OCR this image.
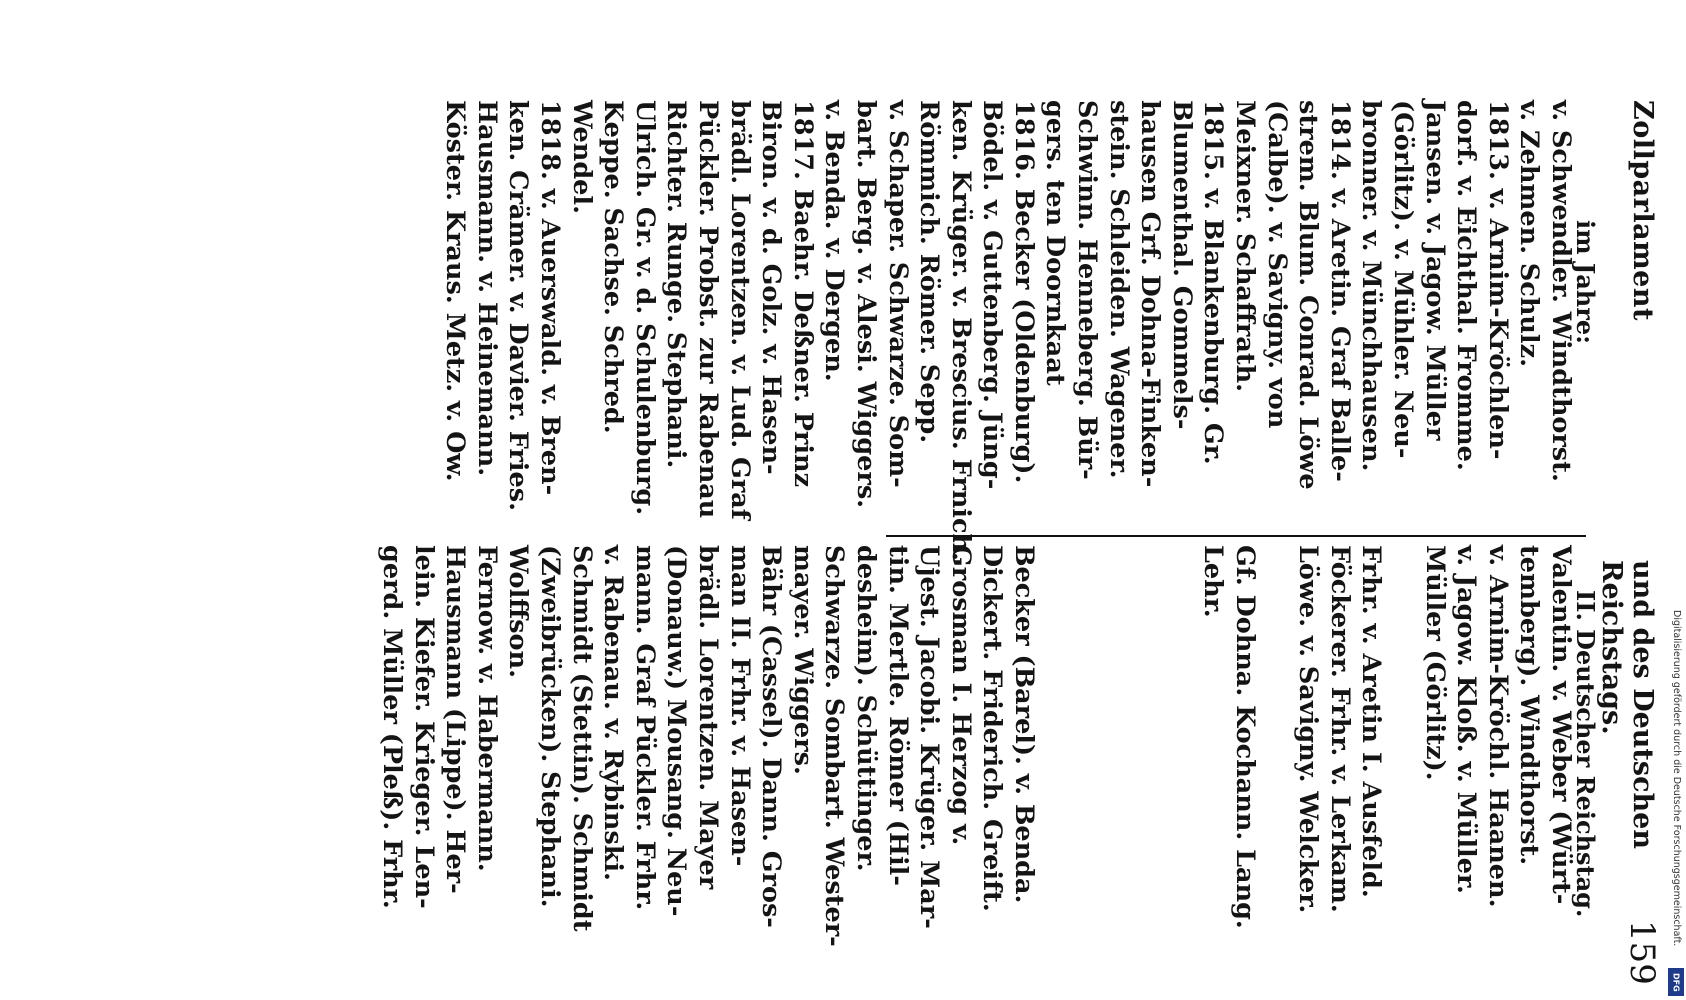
Zollparlament
und des Deutschen Reichstags.
159
im Jahre:
II. Deutscher Reichstag.
v. Schwendler. Windthorst.
v. Zehmen. Schulz.
1813. v. Arnim-Kröchlen-
dorf. v. Eichthal. Fromme.
Jansen. v. Jagow. Müller
(Görlitz). v. Mühler. Neu-
bronner. v. Münchhausen.
1814. v. Aretin. Graf Balle-
strem. Blum. Conrad. Löwe
(Calbe). v. Savigny. von
Meixner. Schaffrath.
1815. v. Blankenburg. Gr.
Blumenthal. Gommels-
hausen Grf. Dohna-Finken-
stein. Schleiden. Wagener.
Schwinn. Henneberg. Bür-
gers. ten Doornkaat
1816. Becker (Oldenburg).
Bödel. v. Guttenberg. Jüng-
ken. Krüger. v. Brescius. Frnich.
Römmich. Römer. Sepp.
v. Schaper. Schwarze. Som-
bart. Berg. v. Alesi. Wiggers.
v. Benda. v. Dergen.
1817. Baehr. Deßner. Prinz
Biron. v. d. Golz. v. Hasen-
brädl. Lorentzen. v. Lud. Graf
Pückler. Probst. zur Rabenau
Richter. Runge. Stephani.
Ulrich. Gr. v. d. Schulenburg.
Keppe. Sachse. Schred.
Wendel.
1818. v. Auerswald. v. Bren-
ken. Crämer. v. Davier. Fries.
Hausmann. v. Heinemann.
Köster. Kraus. Metz. v. Ow.
Valentin. v. Weber (Würt-
temberg). Windthorst.
v. Arnim-Kröchl. Haanen.
v. Jagow. Kloß. v. Müller.
Müller (Görlitz).
Frhr. v. Aretin I. Ausfeld.
Föckerer. Frhr. v. Lerkam.
Löwe. v. Savigny. Welcker.
Gf. Dohna. Kochann. Lang.
Lehr.
Becker (Barel). v. Benda.
Dickert. Friderich. Greift.
Grosman I. Herzog v.
Ujest. Jacobi. Krüger. Mar-
tin. Mertle. Römer (Hil-
desheim). Schüttinger.
Schwarze. Sombart. Wester-
mayer. Wiggers.
Bähr (Cassel). Dann. Gros-
man II. Frhr. v. Hasen-
brädl. Lorentzen. Mayer
(Donauw.) Mousang. Neu-
mann. Graf Pückler. Frhr.
v. Rabenau. v. Rybinski.
Schmidt (Stettin). Schmidt
(Zweibrücken). Stephani.
Wolffson.
Fernow. v. Habermann.
Hausmann (Lippe). Her-
lein. Kiefer. Krieger. Len-
gerd. Müller (Pleß). Frhr.	Digitalisierung gefördert durch die Deutsche Forschungsgemeinschaft.
DFG
